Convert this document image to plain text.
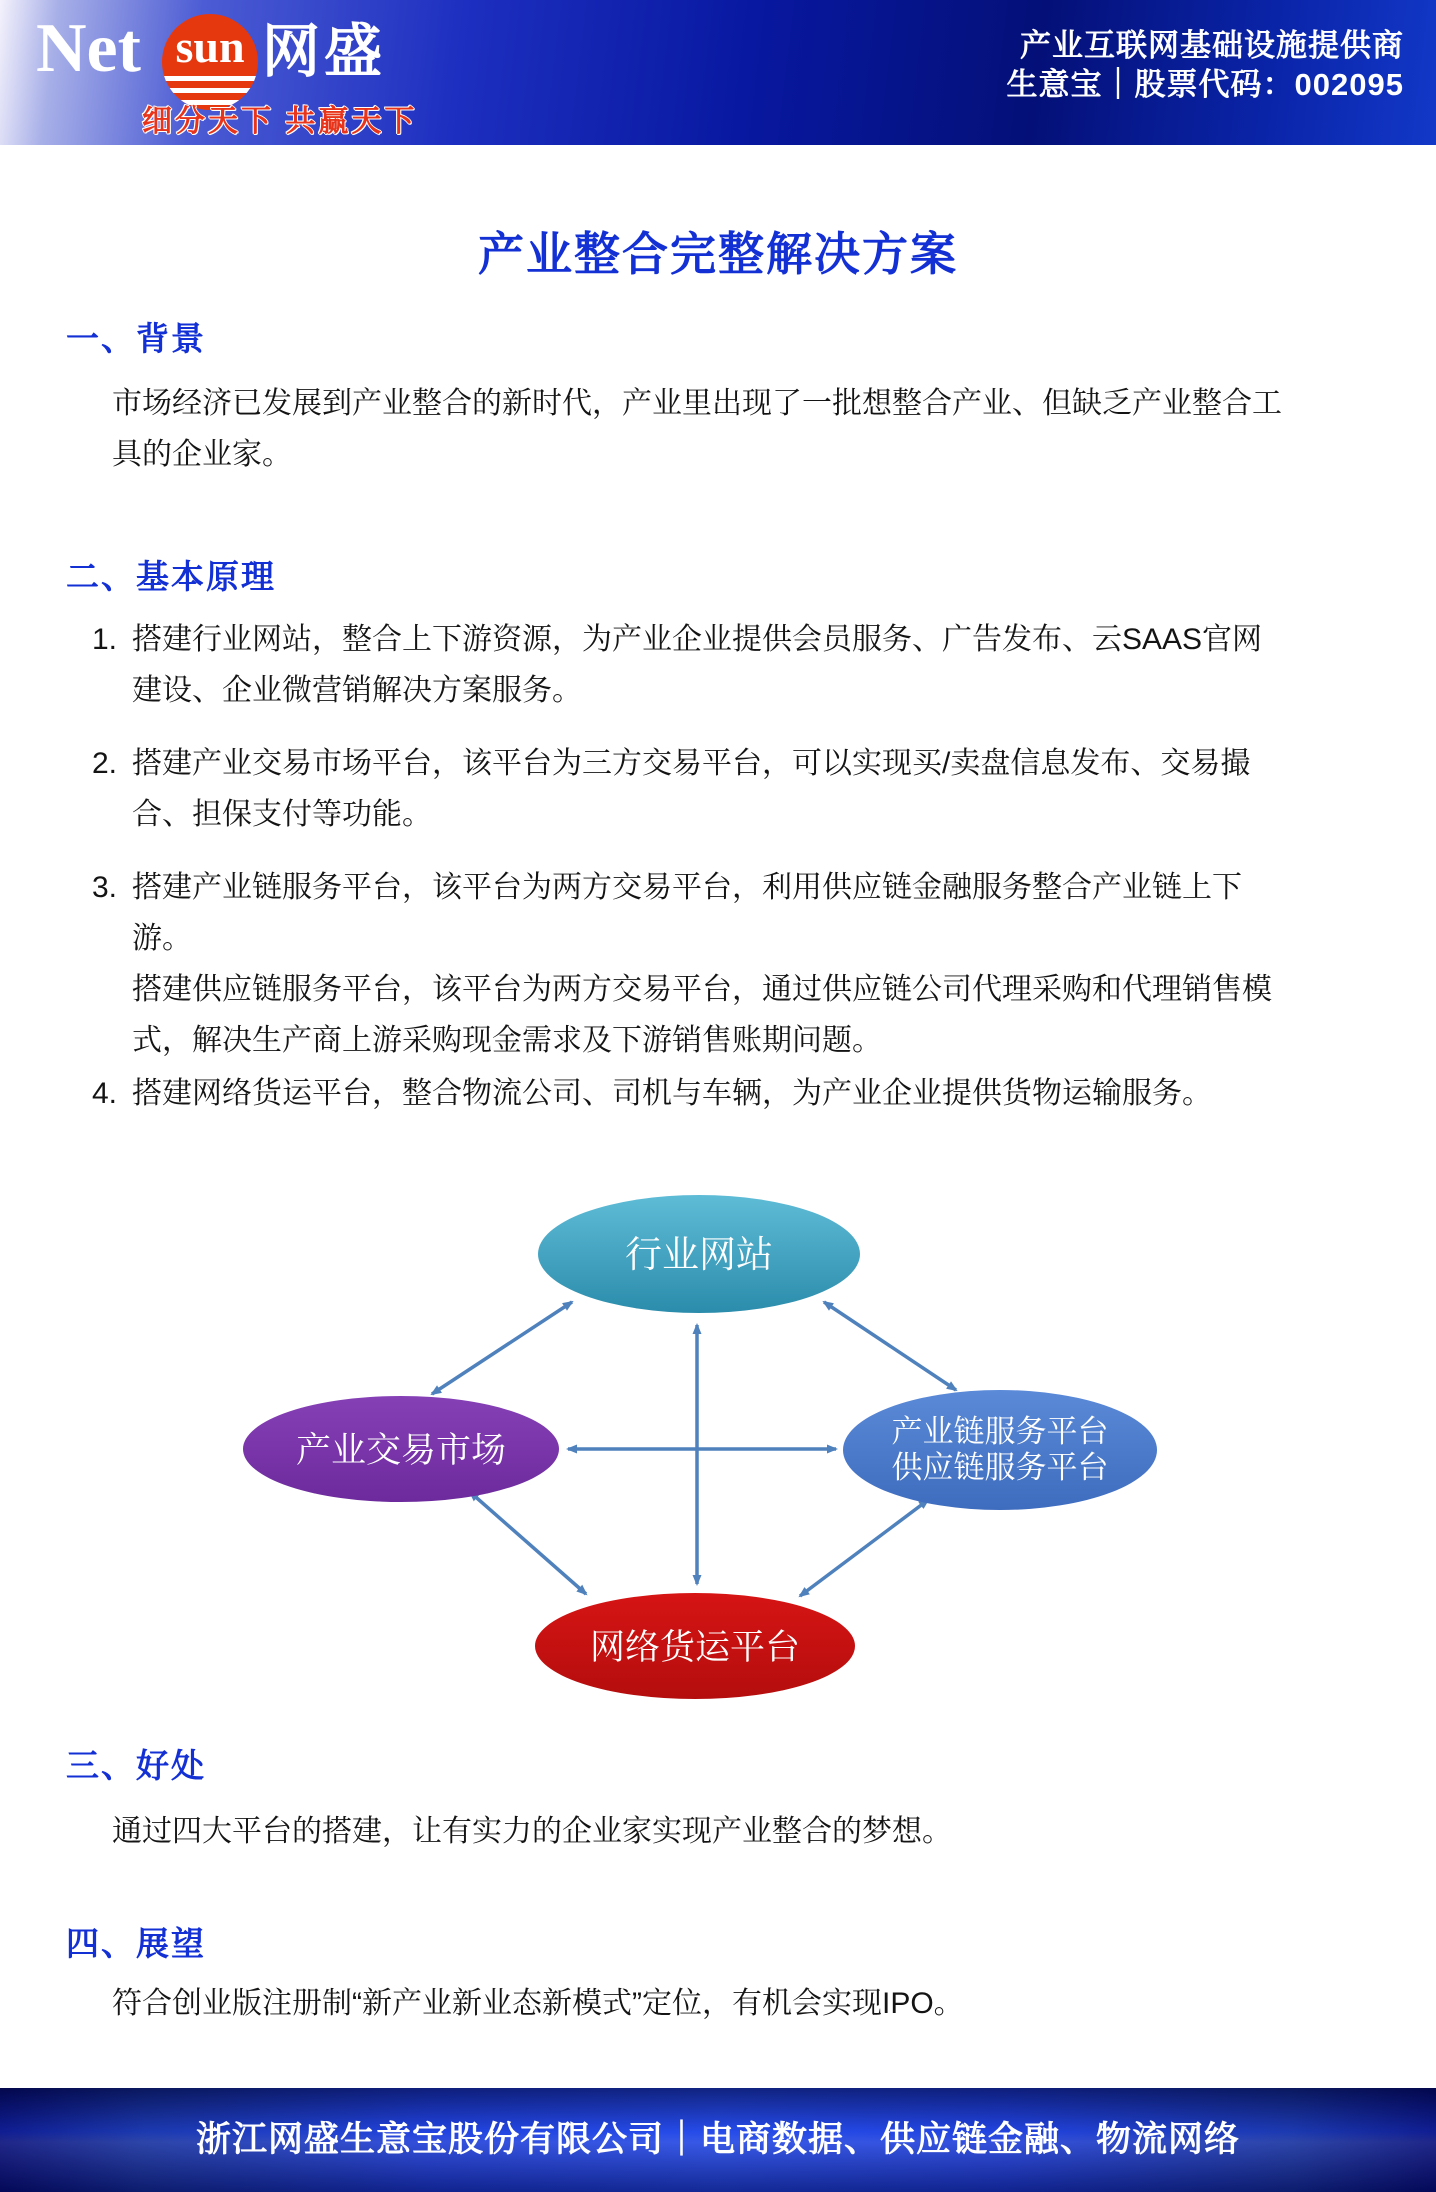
Net sun 网盛
细分天下 共赢天下
产业互联网基础设施提供商
生意宝｜股票代码：002095
产业整合完整解决方案
一、背景
市场经济已发展到产业整合的新时代，产业里出现了一批想整合产业、但缺乏产业整合工具的企业家。
二、基本原理
1. 搭建行业网站，整合上下游资源，为产业企业提供会员服务、广告发布、云SAAS官网建设、企业微营销解决方案服务。

2. 搭建产业交易市场平台，该平台为三方交易平台，可以实现买/卖盘信息发布、交易撮合、担保支付等功能。

3. 搭建产业链服务平台，该平台为两方交易平台，利用供应链金融服务整合产业链上下游。

搭建供应链服务平台，该平台为两方交易平台，通过供应链公司代理采购和代理销售模式，解决生产商上游采购现金需求及下游销售账期问题。

4. 搭建网络货运平台，整合物流公司、司机与车辆，为产业企业提供货物运输服务。

行业网站
产业交易市场	产业链服务平台
供应链服务平台
网络货运平台
三、好处
通过四大平台的搭建，让有实力的企业家实现产业整合的梦想。
四、展望
符合创业版注册制“新产业新业态新模式”定位，有机会实现IPO。
浙江网盛生意宝股份有限公司｜电商数据、供应链金融、物流网络
